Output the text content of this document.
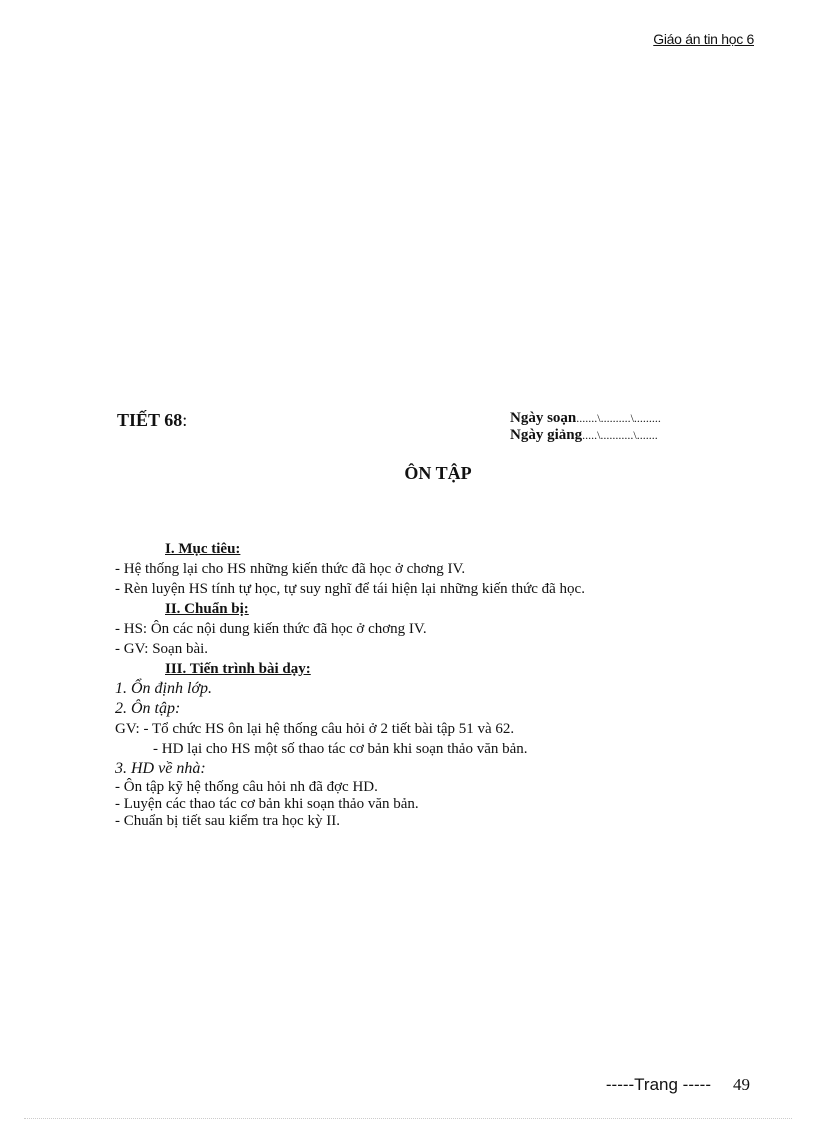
Giáo án tin học 6
TIẾT 68:	Ngày soạn.......\..........\.........
Ngày giảng.....\...........\.......
ÔN TẬP
I. Mục tiêu:
- Hệ thống lại cho HS những kiến thức đã học ở chơng IV.
- Rèn luyện HS tính tự học, tự suy nghĩ để tái hiện lại những kiến thức đã học.
II. Chuẩn bị:
- HS: Ôn các nội dung kiến thức đã học ở chơng IV.
- GV: Soạn bài.
III. Tiến trình bài dạy:
1. Ổn định lớp.
2. Ôn tập:
GV: - Tổ chức HS ôn lại hệ thống câu hỏi ở 2 tiết bài tập 51 và 62.
- HD lại cho HS một số thao tác cơ bản khi soạn thảo văn bản.
3. HD về nhà:
- Ôn tập kỹ hệ thống câu hỏi nh đã đợc HD.
- Luyện các thao tác cơ bản khi soạn thảo văn bản.
- Chuẩn bị tiết sau kiểm tra học kỳ II.
-----Trang ----- 49
